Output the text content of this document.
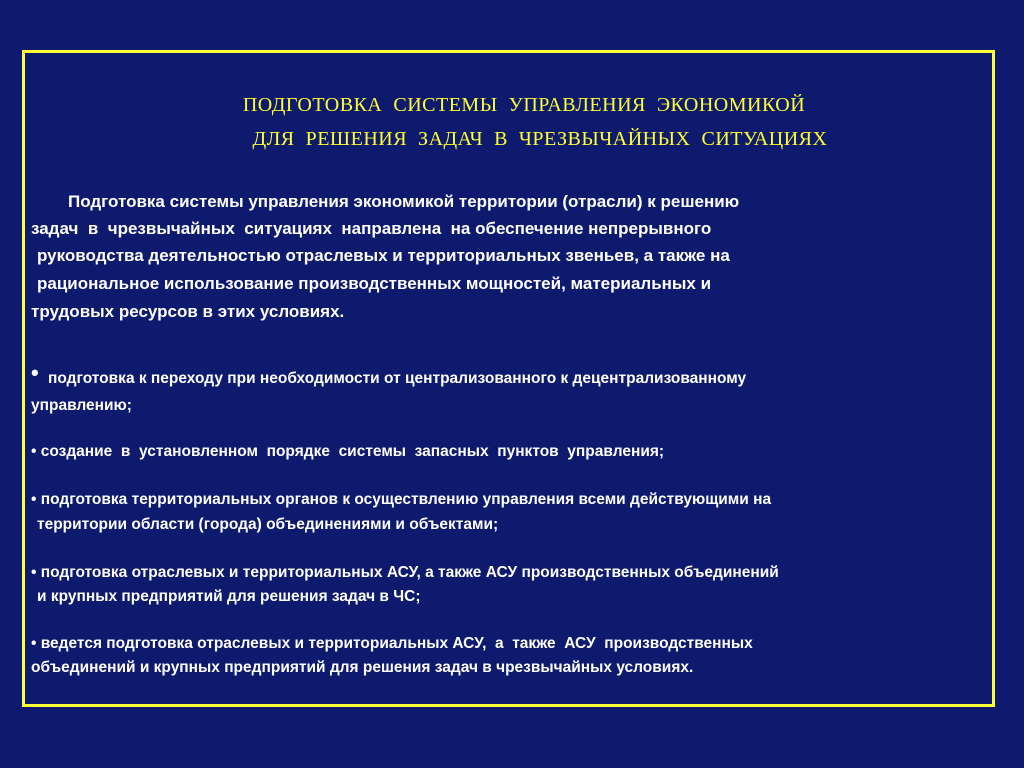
ПОДГОТОВКА  СИСТЕМЫ  УПРАВЛЕНИЯ  ЭКОНОМИКОЙ
ДЛЯ  РЕШЕНИЯ  ЗАДАЧ  В  ЧРЕЗВЫЧАЙНЫХ  СИТУАЦИЯХ
Подготовка системы управления экономикой территории (отрасли) к решению
задач  в  чрезвычайных  ситуациях  направлена  на обеспечение непрерывного
руководства деятельностью отраслевых и территориальных звеньев, а также на
рациональное использование производственных мощностей, материальных и
трудовых ресурсов в этих условиях.
• подготовка к переходу при необходимости от централизованного к децентрализованному
управлению;
• создание  в  установленном  порядке  системы  запасных  пунктов  управления;
• подготовка территориальных органов к осуществлению управления всеми действующими на
территории области (города) объединениями и объектами;
• подготовка отраслевых и территориальных АСУ, а также АСУ производственных объединений
и крупных предприятий для решения задач в ЧС;
• ведется подготовка отраслевых и территориальных АСУ,  а  также  АСУ  производственных
объединений и крупных предприятий для решения задач в чрезвычайных условиях.
